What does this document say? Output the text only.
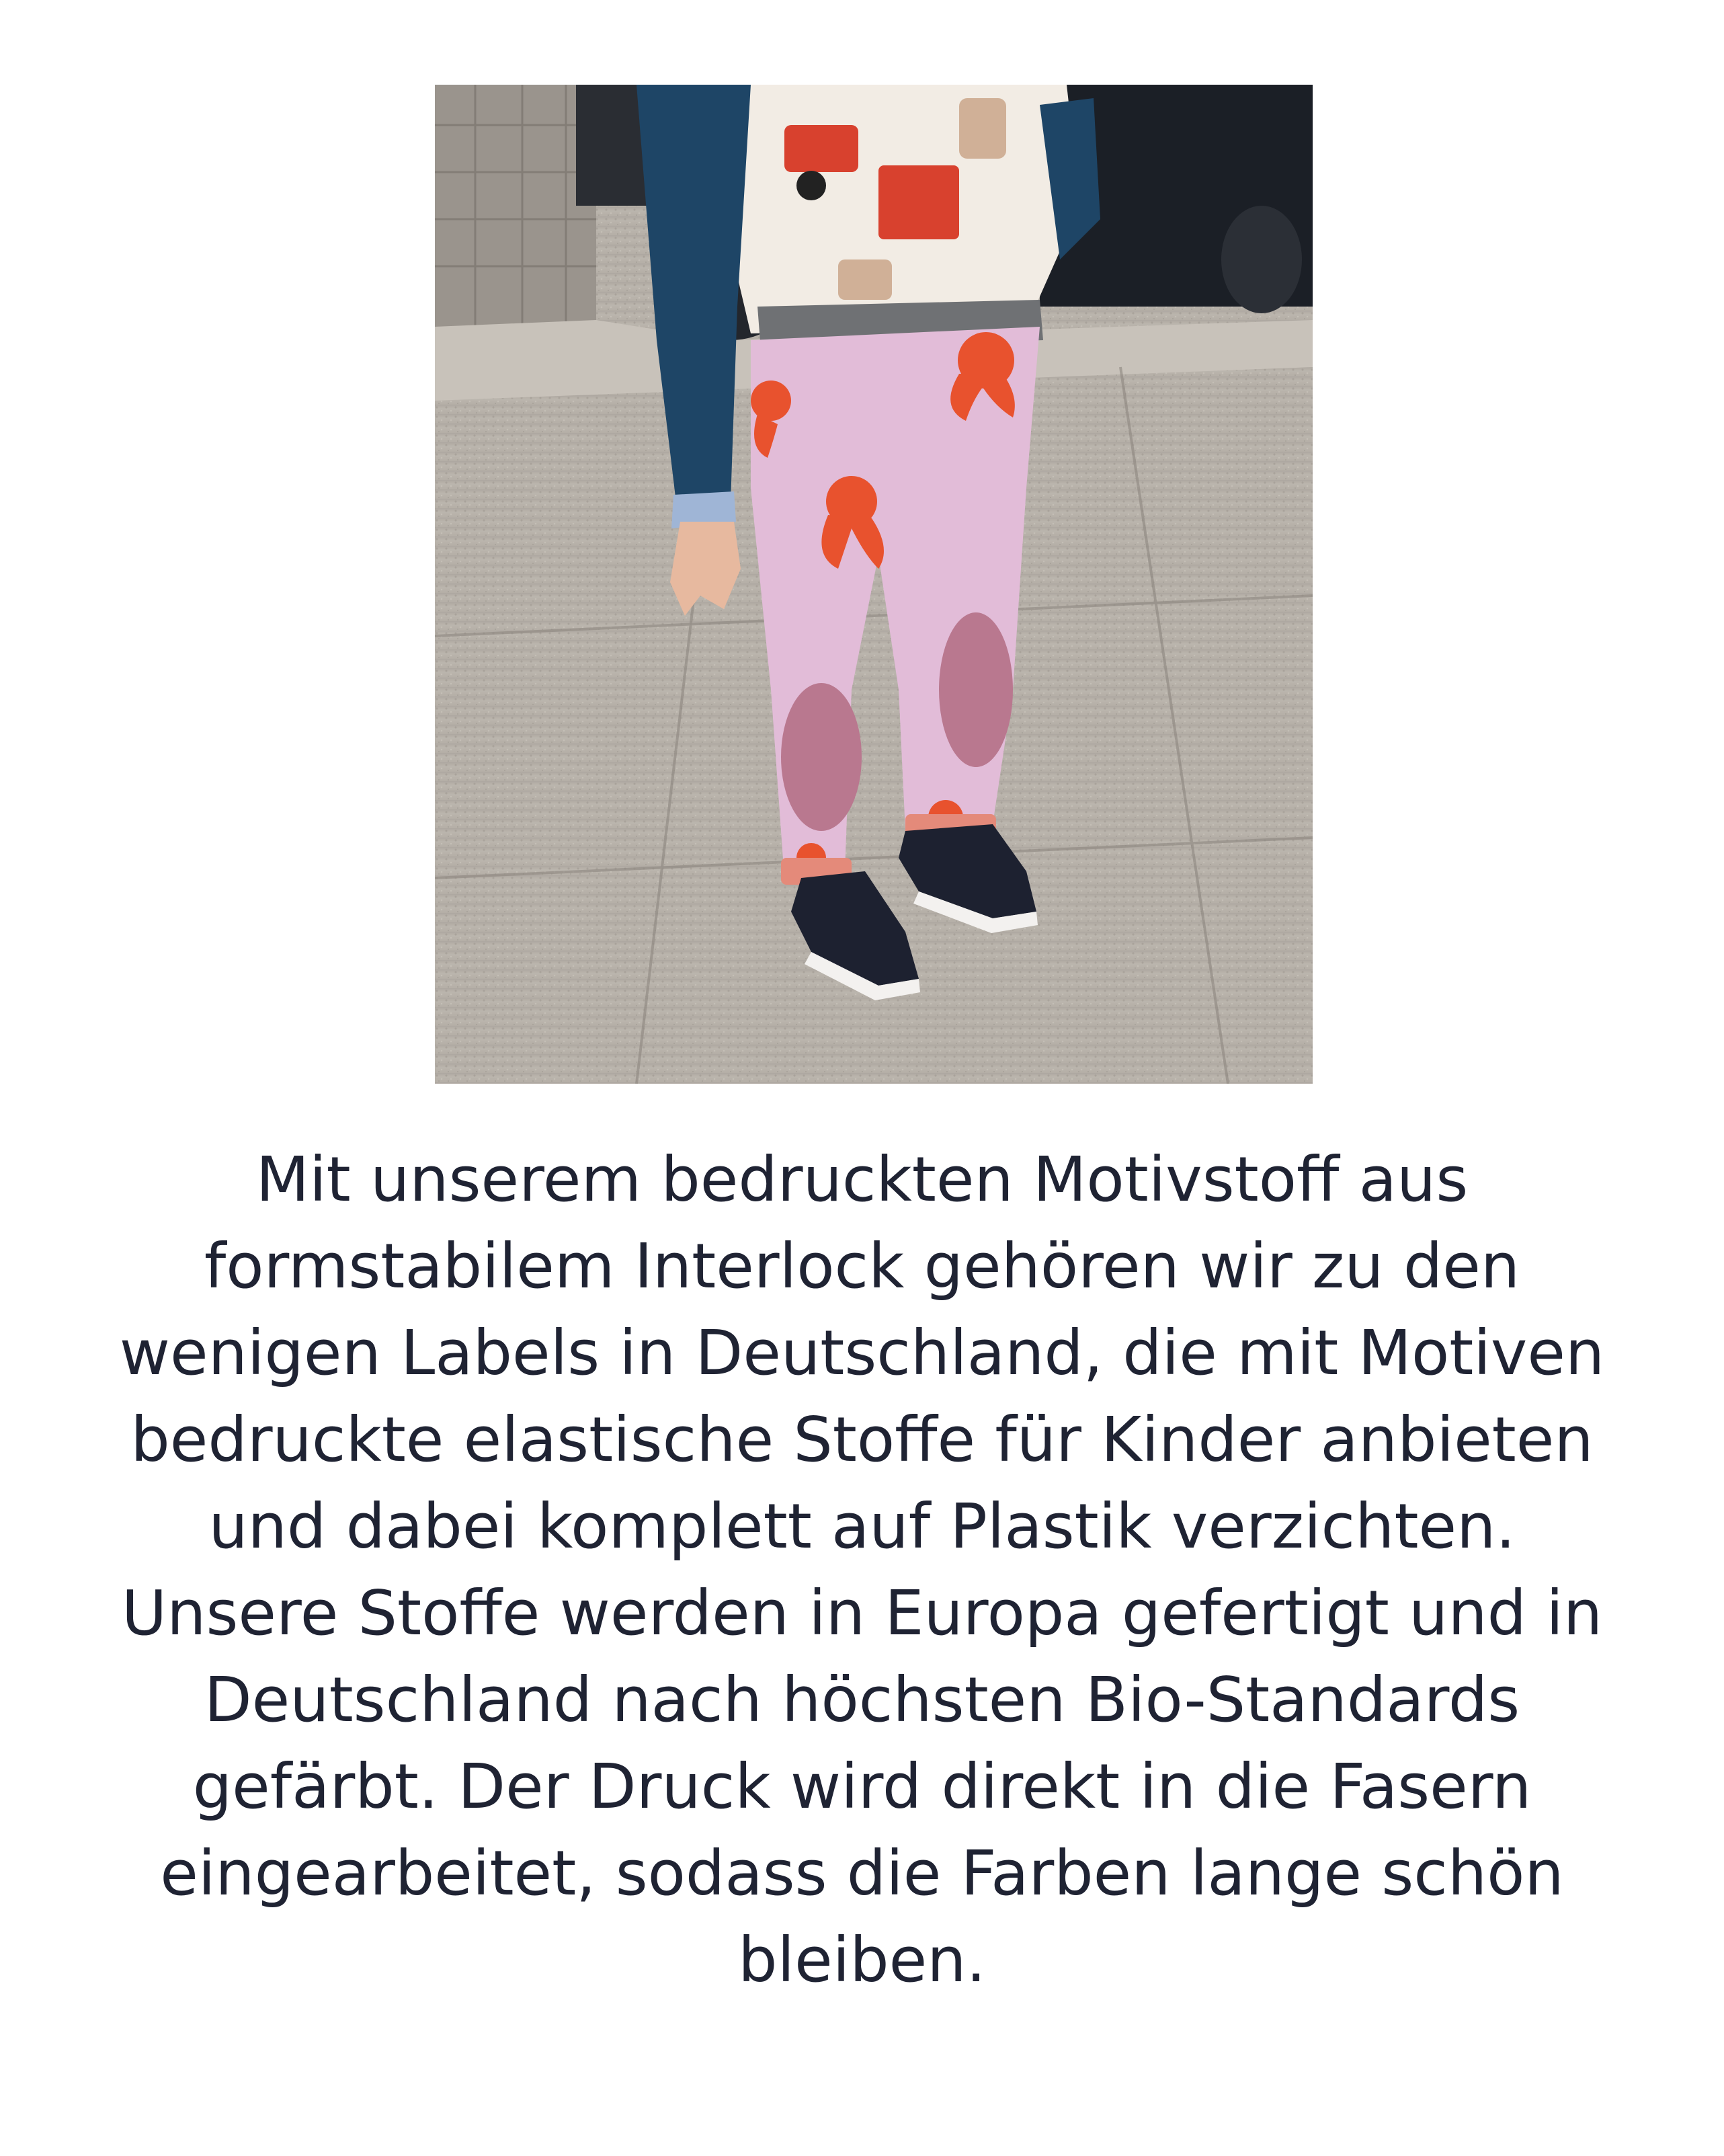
Mit unserem bedruckten Motivstoff aus
formstabilem Interlock gehören wir zu den
wenigen Labels in Deutschland, die mit Motiven
bedruckte elastische Stoffe für Kinder anbieten
und dabei komplett auf Plastik verzichten.
Unsere Stoffe werden in Europa gefertigt und in
Deutschland nach höchsten Bio-Standards
gefärbt. Der Druck wird direkt in die Fasern
eingearbeitet, sodass die Farben lange schön
bleiben.
